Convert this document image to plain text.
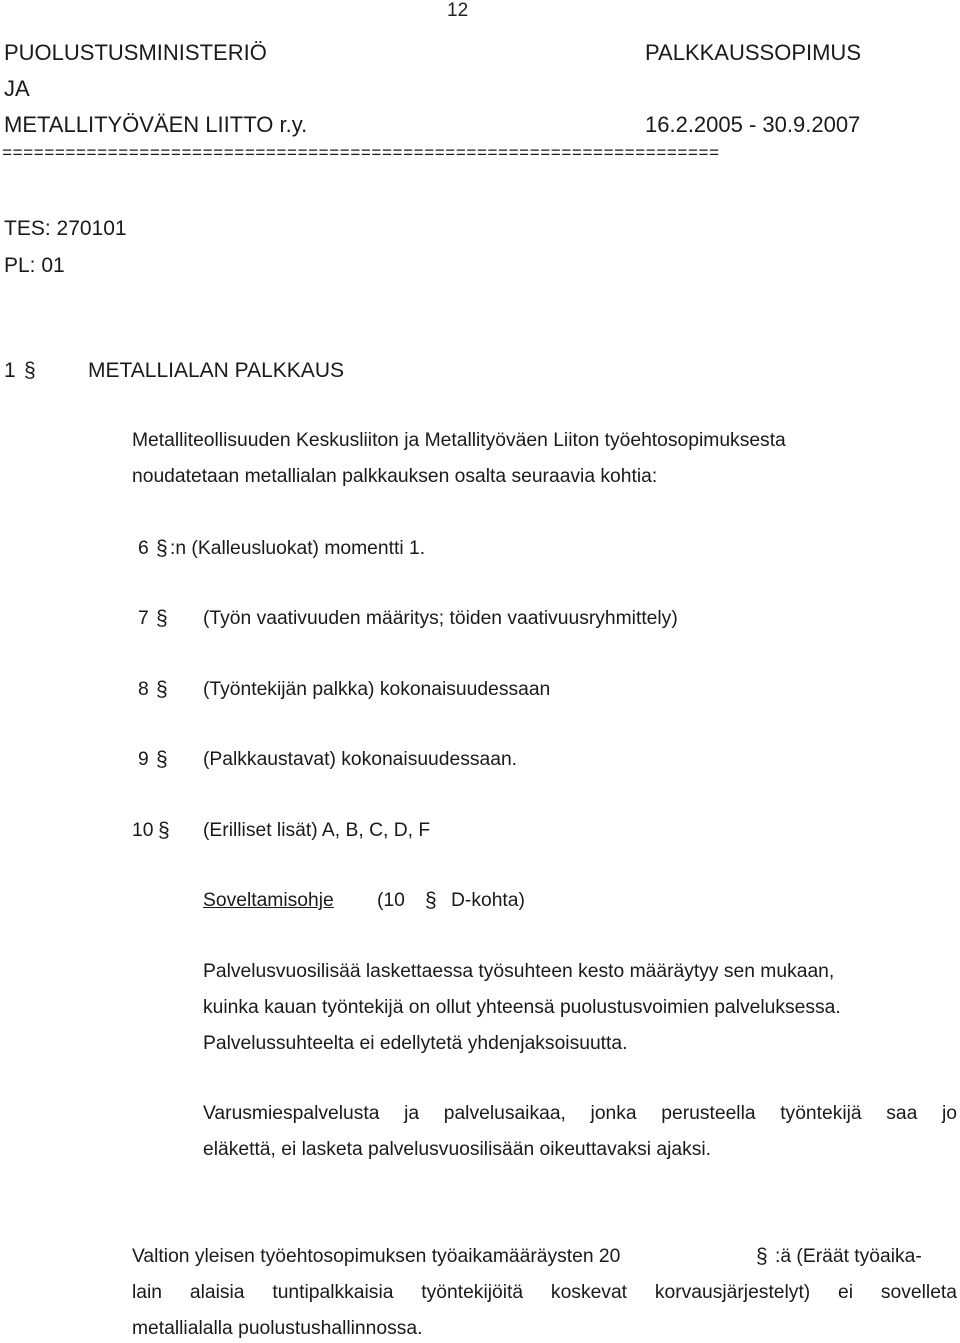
12
PUOLUSTUSMINISTERIÖ
JA
METALLITYÖVÄEN LIITTO r.y.
PALKKAUSSOPIMUS
16.2.2005 - 30.9.2007
====================================================================
TES: 270101
PL: 01
1 § METALLIALAN PALKKAUS
Metalliteollisuuden Keskusliiton ja Metallityöväen Liiton työehtosopimuksesta
noudatetaan metallialan palkkauksen osalta seuraavia kohtia:
6 § :n (Kalleusluokat) momentti 1.
7 § (Työn vaativuuden määritys; töiden vaativuusryhmittely)
8 § (Työntekijän palkka) kokonaisuudessaan
9 § (Palkkaustavat) kokonaisuudessaan.
10 § (Erilliset lisät) A, B, C, D, F
Soveltamisohje (10 § D-kohta)
Palvelusvuosilisää laskettaessa työsuhteen kesto määräytyy sen mukaan,
kuinka kauan työntekijä on ollut yhteensä puolustusvoimien palveluksessa.
Palvelussuhteelta ei edellytetä yhdenjaksoisuutta.
Varusmiespalvelusta ja palvelusaikaa, jonka perusteella työntekijä saa jo
eläkettä, ei lasketa palvelusvuosilisään oikeuttavaksi ajaksi.
Valtion yleisen työehtosopimuksen työaikamääräysten 20	§ :ä (Eräät työaika-
lain alaisia tuntipalkkaisia työntekijöitä koskevat korvausjärjestelyt) ei sovelleta
metallialalla puolustushallinnossa.
